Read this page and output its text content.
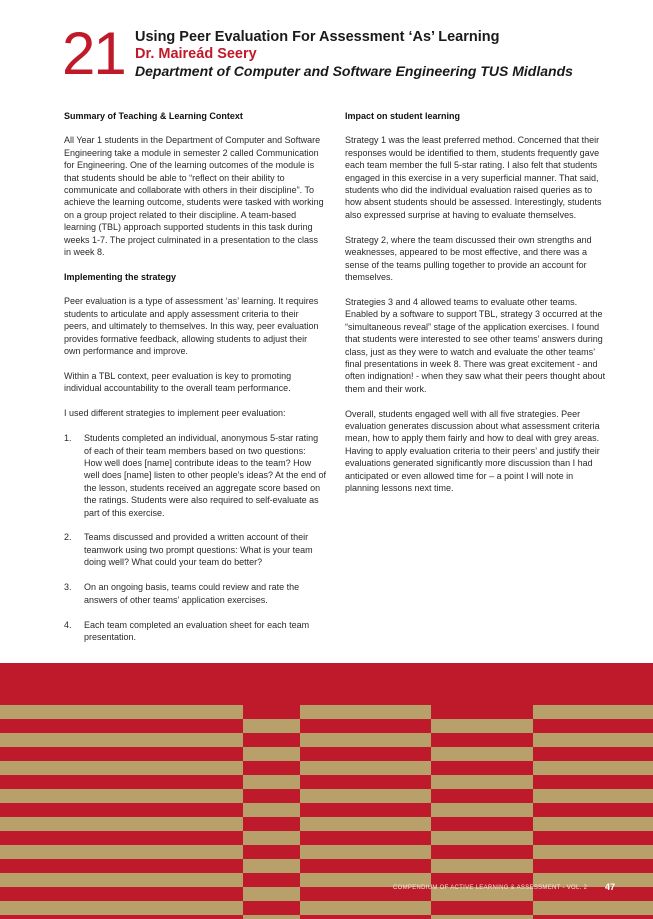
21 Using Peer Evaluation For Assessment ‘As’ Learning
Dr. Maireád Seery
Department of Computer and Software Engineering TUS Midlands
Summary of Teaching & Learning Context

All Year 1 students in the Department of Computer and Software Engineering take a module in semester 2 called Communication for Engineering. One of the learning outcomes of the module is that students should be able to “reflect on their ability to communicate and collaborate with others in their discipline”. To achieve the learning outcome, students were tasked with working on a group project related to their discipline. A team-based learning (TBL) approach supported students in this task during weeks 1-7. The project culminated in a presentation to the class in week 8.

Implementing the strategy

Peer evaluation is a type of assessment ‘as’ learning. It requires students to articulate and apply assessment criteria to their peers, and ultimately to themselves. In this way, peer evaluation provides formative feedback, allowing students to adjust their own performance and improve.

Within a TBL context, peer evaluation is key to promoting individual accountability to the overall team performance.

I used different strategies to implement peer evaluation:

1. Students completed an individual, anonymous 5-star rating of each of their team members based on two questions: How well does [name] contribute ideas to the team? How well does [name] listen to other people’s ideas? At the end of the lesson, students received an aggregate score based on the ratings. Students were also required to self-evaluate as part of this exercise.
2. Teams discussed and provided a written account of their teamwork using two prompt questions: What is your team doing well? What could your team do better?
3. On an ongoing basis, teams could review and rate the answers of other teams’ application exercises.
4. Each team completed an evaluation sheet for each team presentation.
Impact on student learning

Strategy 1 was the least preferred method. Concerned that their responses would be identified to them, students frequently gave each team member the full 5-star rating. I also felt that students engaged in this exercise in a very superficial manner. That said, students who did the individual evaluation raised queries as to how absent students should be assessed. Interestingly, students also expressed surprise at having to evaluate themselves.

Strategy 2, where the team discussed their own strengths and weaknesses, appeared to be most effective, and there was a sense of the teams pulling together to provide an account for themselves.

Strategies 3 and 4 allowed teams to evaluate other teams. Enabled by a software to support TBL, strategy 3 occurred at the “simultaneous reveal” stage of the application exercises. I found that students were interested to see other teams’ answers during class, just as they were to watch and evaluate the other teams’ final presentations in week 8. There was great excitement - and often indignation! - when they saw what their peers thought about them and their work.

Overall, students engaged well with all five strategies. Peer evaluation generates discussion about what assessment criteria mean, how to apply them fairly and how to deal with grey areas. Having to apply evaluation criteria to their peers’ and justify their evaluations generated significantly more discussion than I had anticipated or even allowed time for – a point I will note in planning lessons next time.

COMPENDIUM OF ACTIVE LEARNING & ASSESSMENT - VOL. 2 47
